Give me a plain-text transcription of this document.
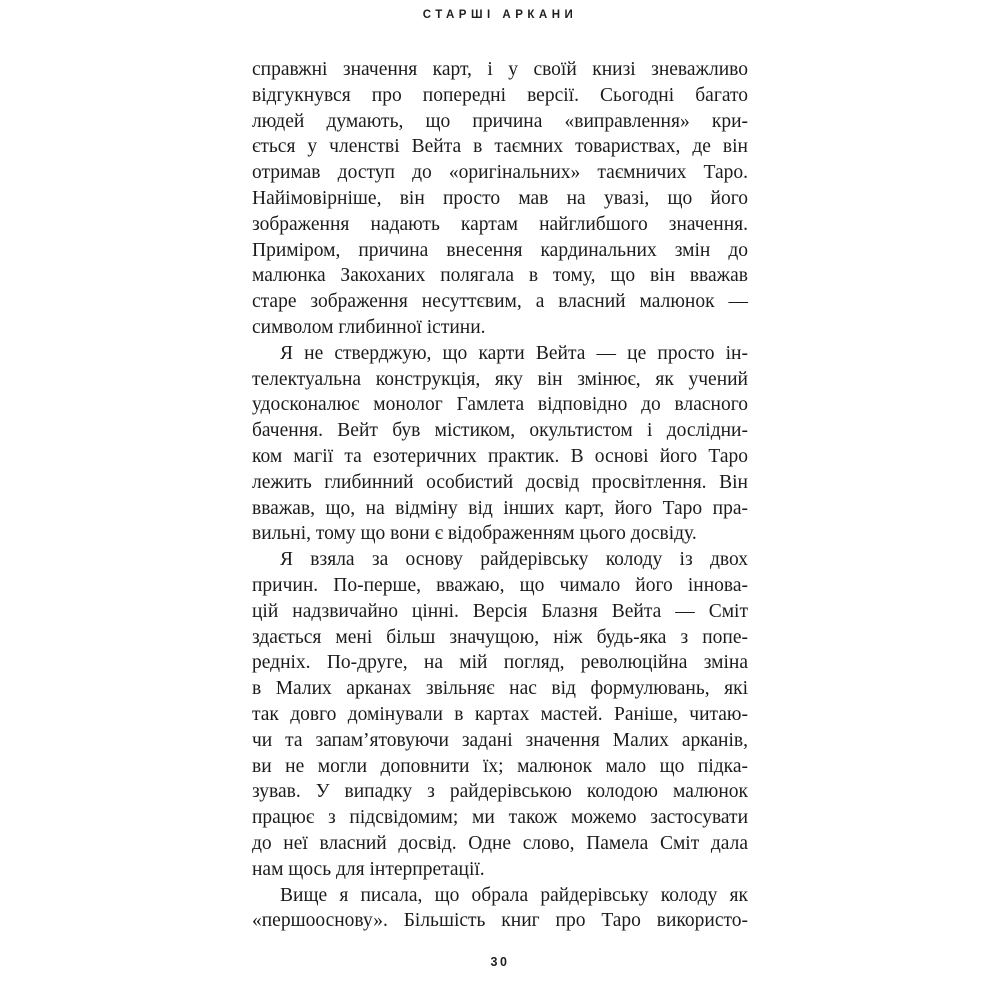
СТАРШІ АРКАНИ
справжні значення карт, і у своїй книзі зневажливо
відгукнувся про попередні версії. Сьогодні багато
людей думають, що причина «виправлення» кри-
ється у членстві Вейта в таємних товариствах, де він
отримав доступ до «оригінальних» таємничих Таро.
Найімовірніше, він просто мав на увазі, що його
зображення надають картам найглибшого значення.
Приміром, причина внесення кардинальних змін до
малюнка Закоханих полягала в тому, що він вважав
старе зображення несуттєвим, а власний малюнок —
символом глибинної істини.
Я не стверджую, що карти Вейта — це просто ін-
телектуальна конструкція, яку він змінює, як учений
удосконалює монолог Гамлета відповідно до власного
бачення. Вейт був містиком, окультистом і дослідни-
ком магії та езотеричних практик. В основі його Таро
лежить глибинний особистий досвід просвітлення. Він
вважав, що, на відміну від інших карт, його Таро пра-
вильні, тому що вони є відображенням цього досвіду.
Я взяла за основу райдерівську колоду із двох
причин. По-перше, вважаю, що чимало його іннова-
цій надзвичайно цінні. Версія Блазня Вейта — Сміт
здається мені більш значущою, ніж будь-яка з попе-
редніх. По-друге, на мій погляд, революційна зміна
в Малих арканах звільняє нас від формулювань, які
так довго домінували в картах мастей. Раніше, читаю-
чи та запам’ятовуючи задані значення Малих арканів,
ви не могли доповнити їх; малюнок мало що підка-
зував. У випадку з райдерівською колодою малюнок
працює з підсвідомим; ми також можемо застосувати
до неї власний досвід. Одне слово, Памела Сміт дала
нам щось для інтерпретації.
Вище я писала, що обрала райдерівську колоду як
«першооснову». Більшість книг про Таро використо-
30
